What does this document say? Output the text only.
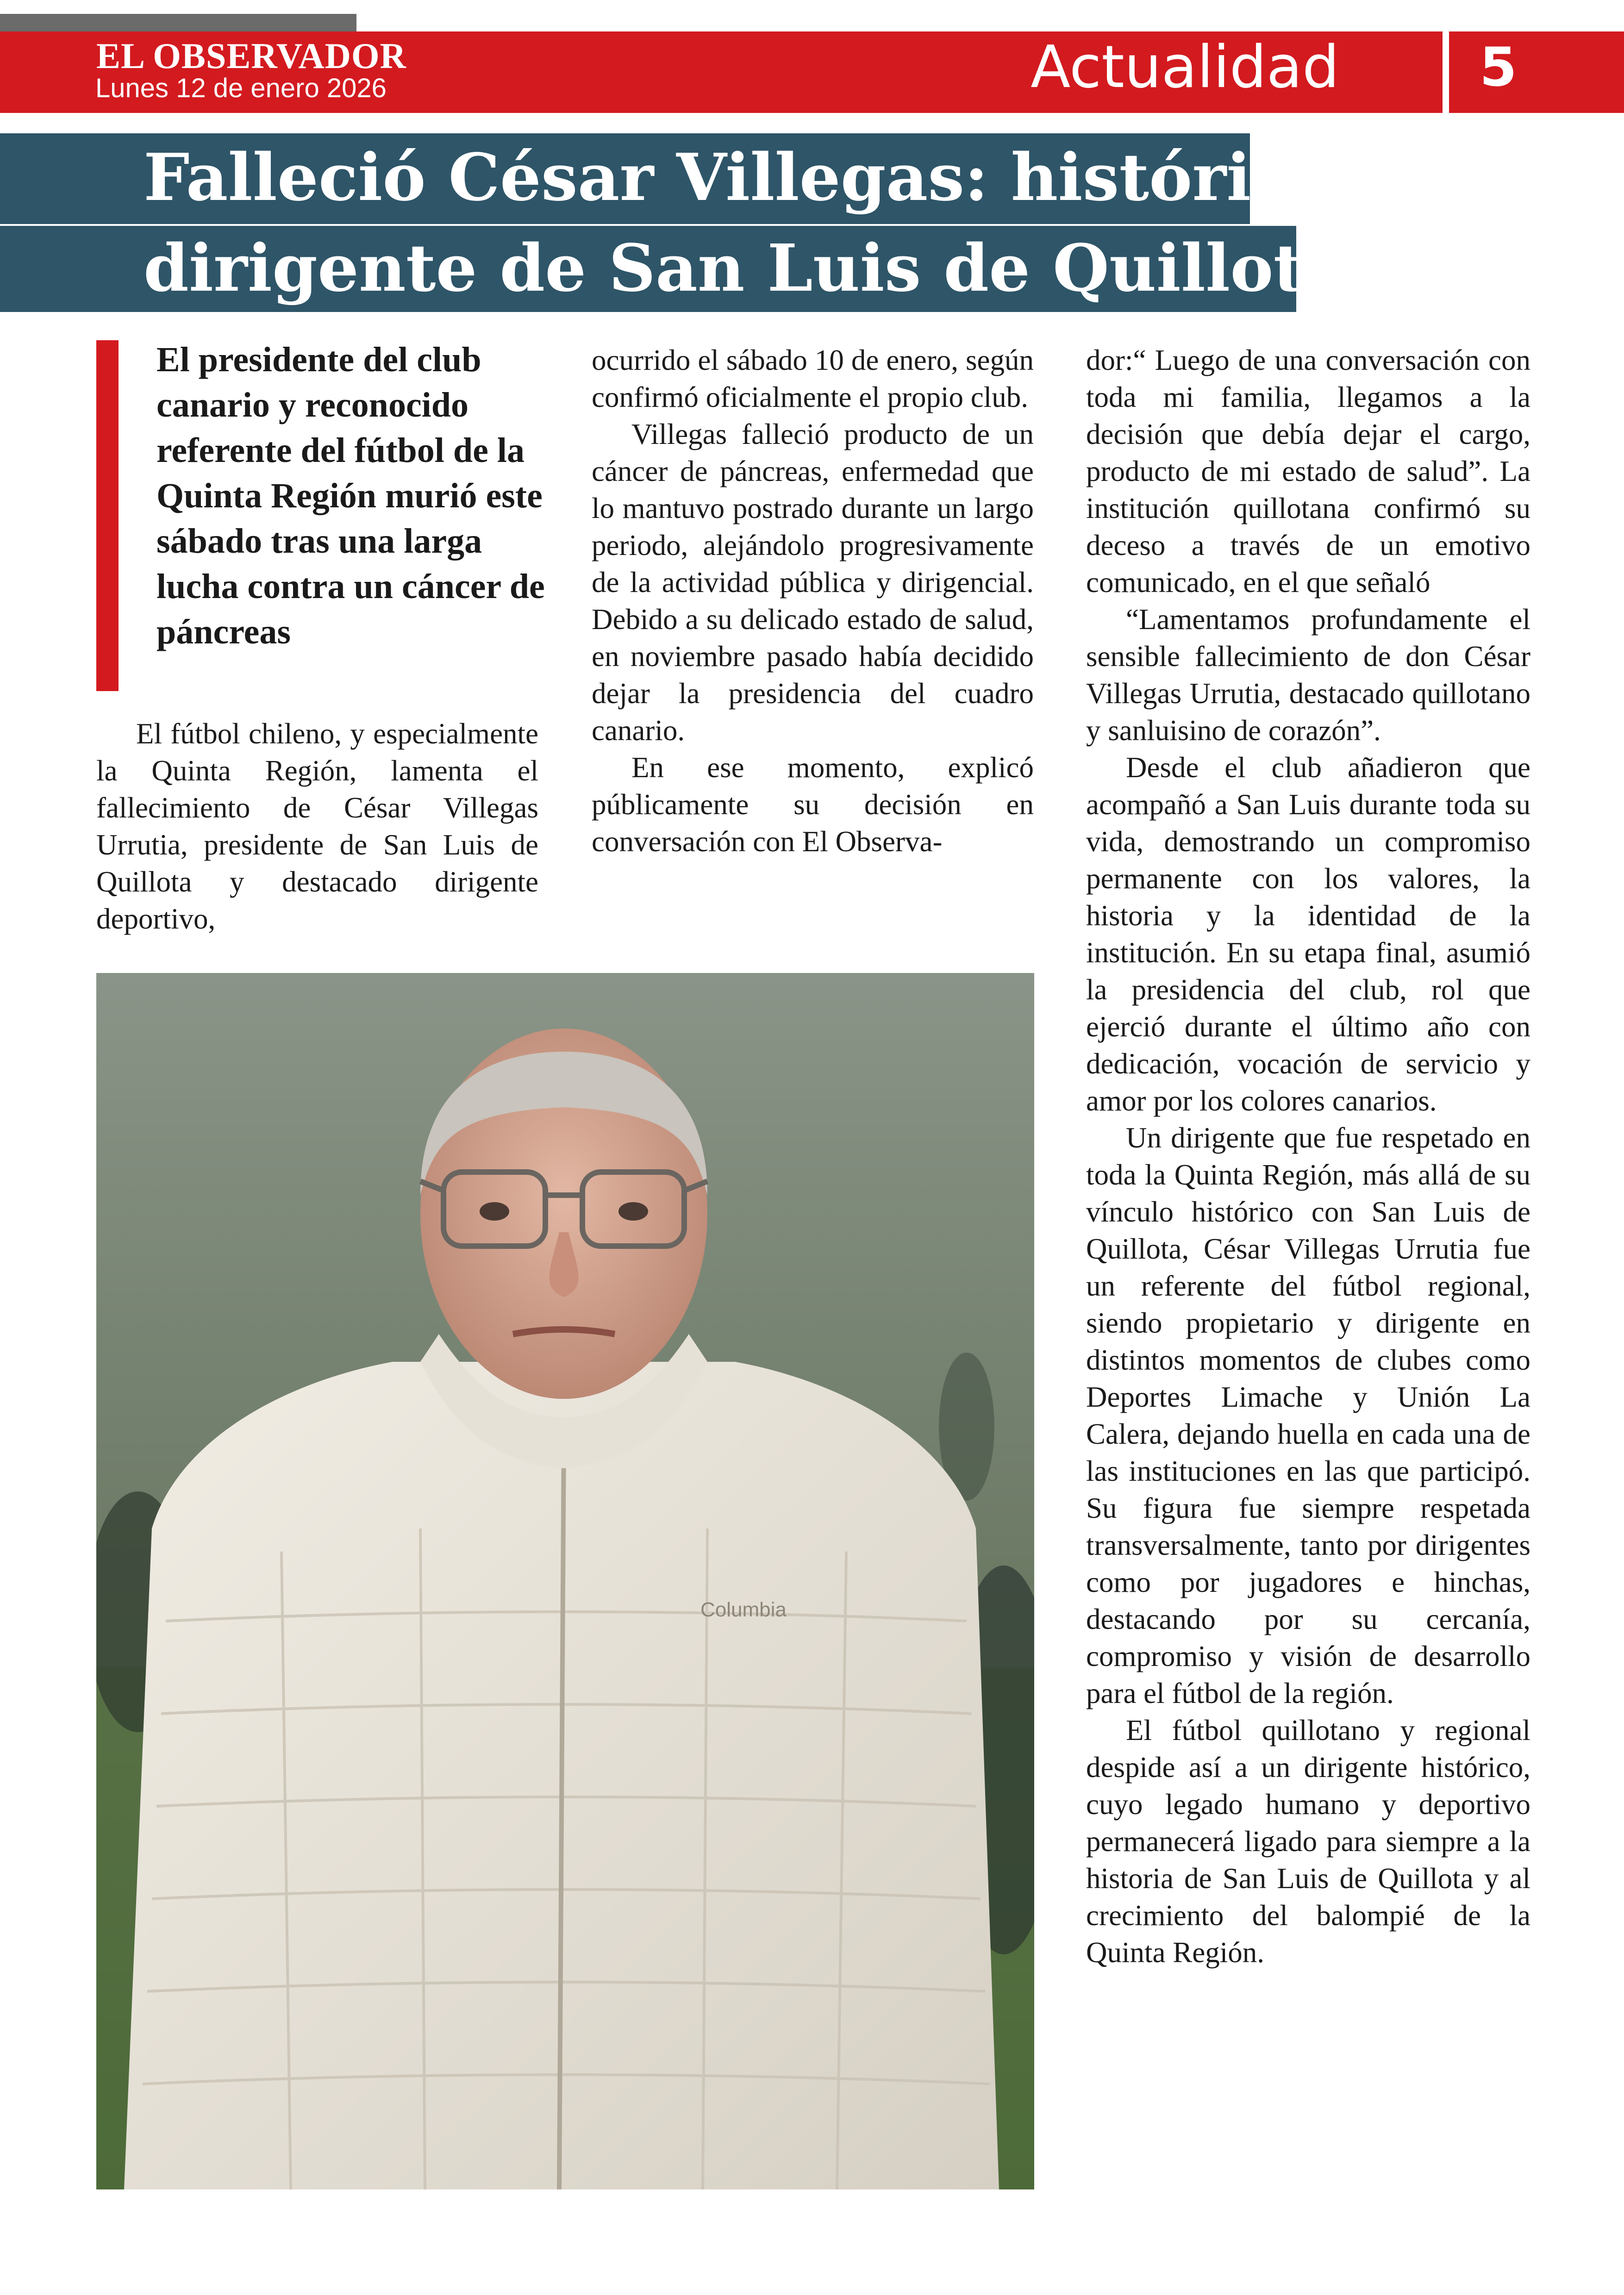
EL OBSERVADOR
Lunes 12 de enero 2026	Actualidad	5
Falleció César Villegas: histórico
dirigente de San Luis de Quillota
El presidente del club canario y reconocido referente del fútbol de la Quinta Región murió este sábado tras una larga lucha contra un cáncer de páncreas

El fútbol chileno, y especialmente la Quinta Región, lamenta el fallecimiento de César Villegas Urrutia, presidente de San Luis de Quillota y destacado dirigente deportivo,

ocurrido el sábado 10 de enero, según confirmó oficialmente el propio club.

Villegas falleció producto de un cáncer de páncreas, enfermedad que lo mantuvo postrado durante un largo periodo, alejándolo progresivamente de la actividad pública y dirigencial. Debido a su delicado estado de salud, en noviembre pasado había decidido dejar la presidencia del cuadro canario.

En ese momento, explicó públicamente su decisión en conversación con El Observa-

dor:“ Luego de una conversación con toda mi familia, llegamos a la decisión que debía dejar el cargo, producto de mi estado de salud”. La institución quillotana confirmó su deceso a través de un emotivo comunicado, en el que señaló

“Lamentamos profundamente el sensible fallecimiento de don César Villegas Urrutia, destacado quillotano y sanluisino de corazón”.

Desde el club añadieron que acompañó a San Luis durante toda su vida, demostrando un compromiso permanente con los valores, la historia y la identidad de la institución. En su etapa final, asumió la presidencia del club, rol que ejerció durante el último año con dedicación, vocación de servicio y amor por los colores canarios.

Un dirigente que fue respetado en toda la Quinta Región, más allá de su vínculo histórico con San Luis de Quillota, César Villegas Urrutia fue un referente del fútbol regional, siendo propietario y dirigente en distintos momentos de clubes como Deportes Limache y Unión La Calera, dejando huella en cada una de las instituciones en las que participó. Su figura fue siempre respetada transversalmente, tanto por dirigentes como por jugadores e hinchas, destacando por su cercanía, compromiso y visión de desarrollo para el fútbol de la región.

El fútbol quillotano y regional despide así a un dirigente histórico, cuyo legado humano y deportivo permanecerá ligado para siempre a la historia de San Luis de Quillota y al crecimiento del balompié de la Quinta Región.

Columbia
